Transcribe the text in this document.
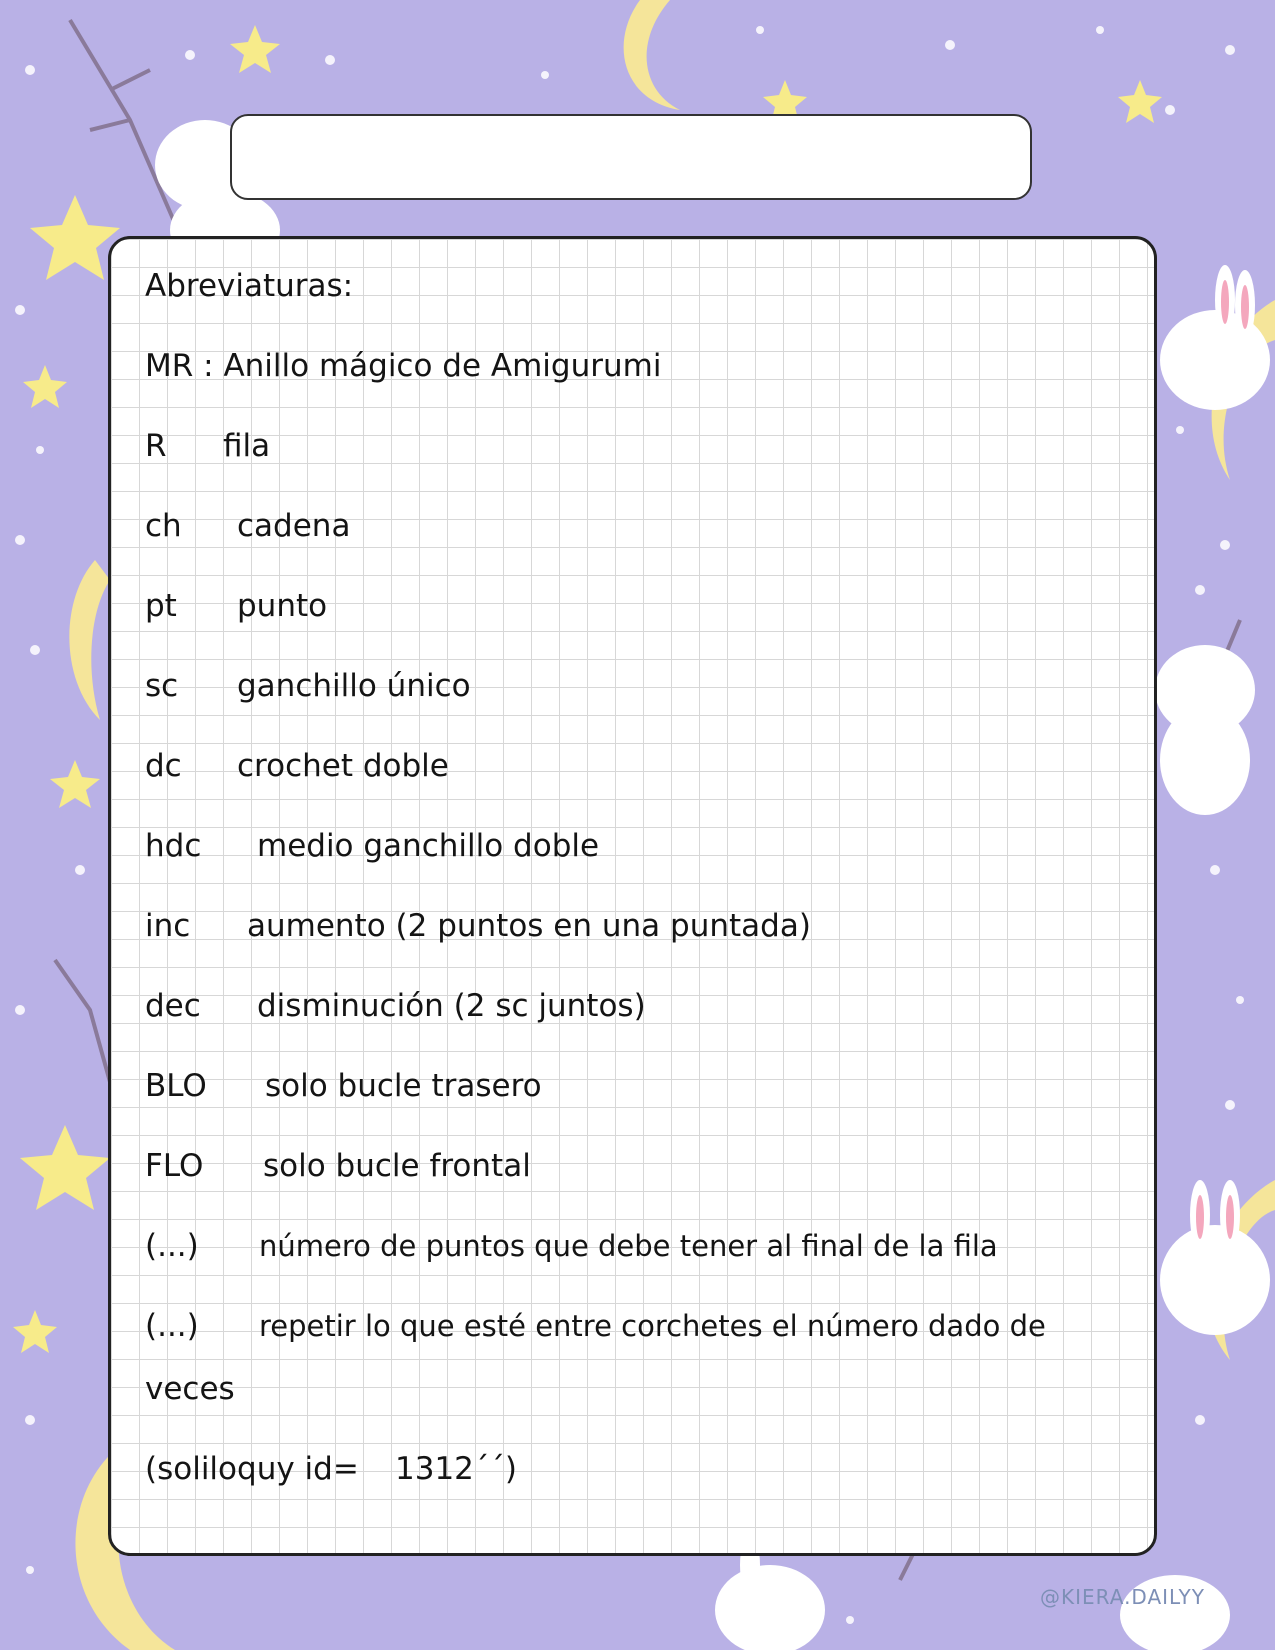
Abreviaturas:
MR : Anillo mágico de Amigurumi
R fila
ch cadena
pt punto
sc ganchillo único
dc crochet doble
hdc medio ganchillo doble
inc aumento (2 puntos en una puntada)
dec disminución (2 sc juntos)
BLO solo bucle trasero
FLO solo bucle frontal
(...) número de puntos que debe tener al final de la fila
(...) repetir lo que esté entre corchetes el número dado de
veces
(soliloquy id= 1312´´)
@KIERA.DAILYY
